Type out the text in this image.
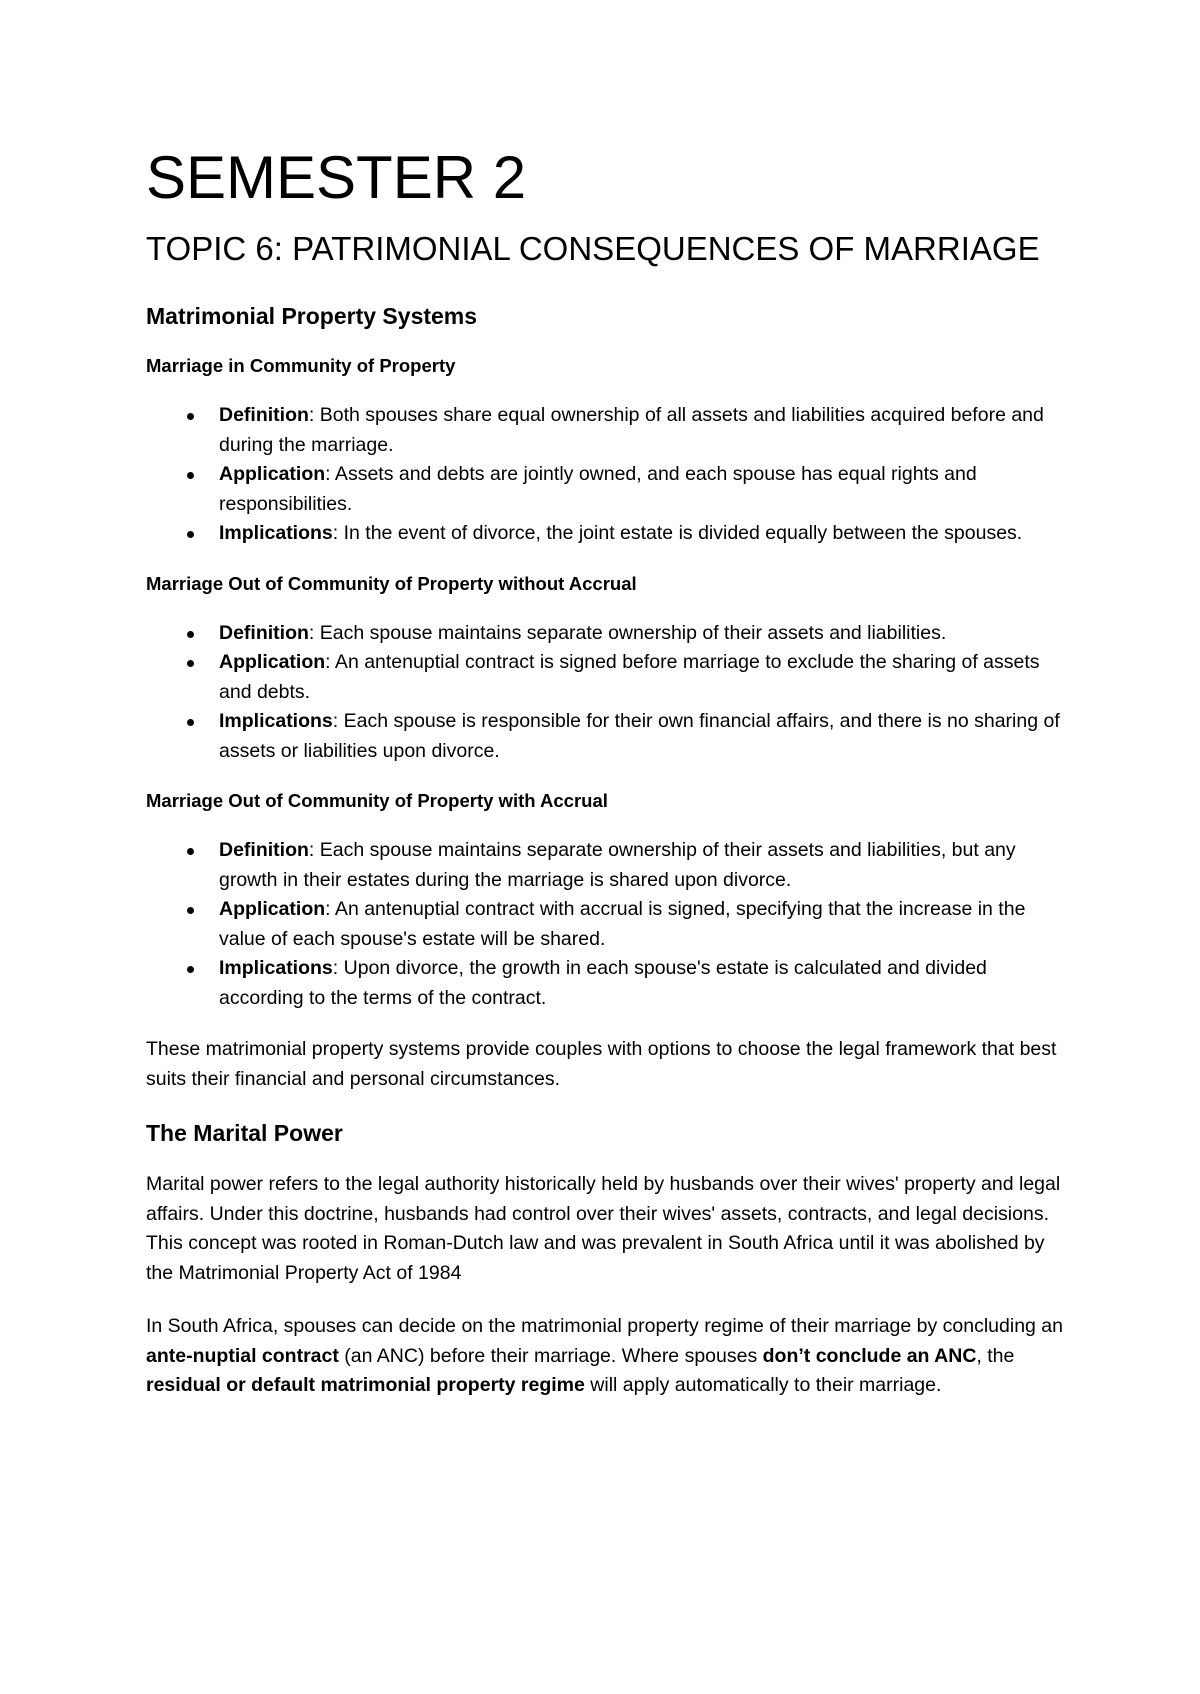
SEMESTER 2
TOPIC 6: PATRIMONIAL CONSEQUENCES OF MARRIAGE
Matrimonial Property Systems
Marriage in Community of Property
Definition: Both spouses share equal ownership of all assets and liabilities acquired before and during the marriage.
Application: Assets and debts are jointly owned, and each spouse has equal rights and responsibilities.
Implications: In the event of divorce, the joint estate is divided equally between the spouses.
Marriage Out of Community of Property without Accrual
Definition: Each spouse maintains separate ownership of their assets and liabilities.
Application: An antenuptial contract is signed before marriage to exclude the sharing of assets and debts.
Implications: Each spouse is responsible for their own financial affairs, and there is no sharing of assets or liabilities upon divorce.
Marriage Out of Community of Property with Accrual
Definition: Each spouse maintains separate ownership of their assets and liabilities, but any growth in their estates during the marriage is shared upon divorce.
Application: An antenuptial contract with accrual is signed, specifying that the increase in the value of each spouse's estate will be shared.
Implications: Upon divorce, the growth in each spouse's estate is calculated and divided according to the terms of the contract.

These matrimonial property systems provide couples with options to choose the legal framework that best suits their financial and personal circumstances.

The Marital Power

Marital power refers to the legal authority historically held by husbands over their wives' property and legal affairs. Under this doctrine, husbands had control over their wives' assets, contracts, and legal decisions. This concept was rooted in Roman-Dutch law and was prevalent in South Africa until it was abolished by the Matrimonial Property Act of 1984

In South Africa, spouses can decide on the matrimonial property regime of their marriage by concluding an ante-nuptial contract (an ANC) before their marriage. Where spouses don’t conclude an ANC, the residual or default matrimonial property regime will apply automatically to their marriage.
